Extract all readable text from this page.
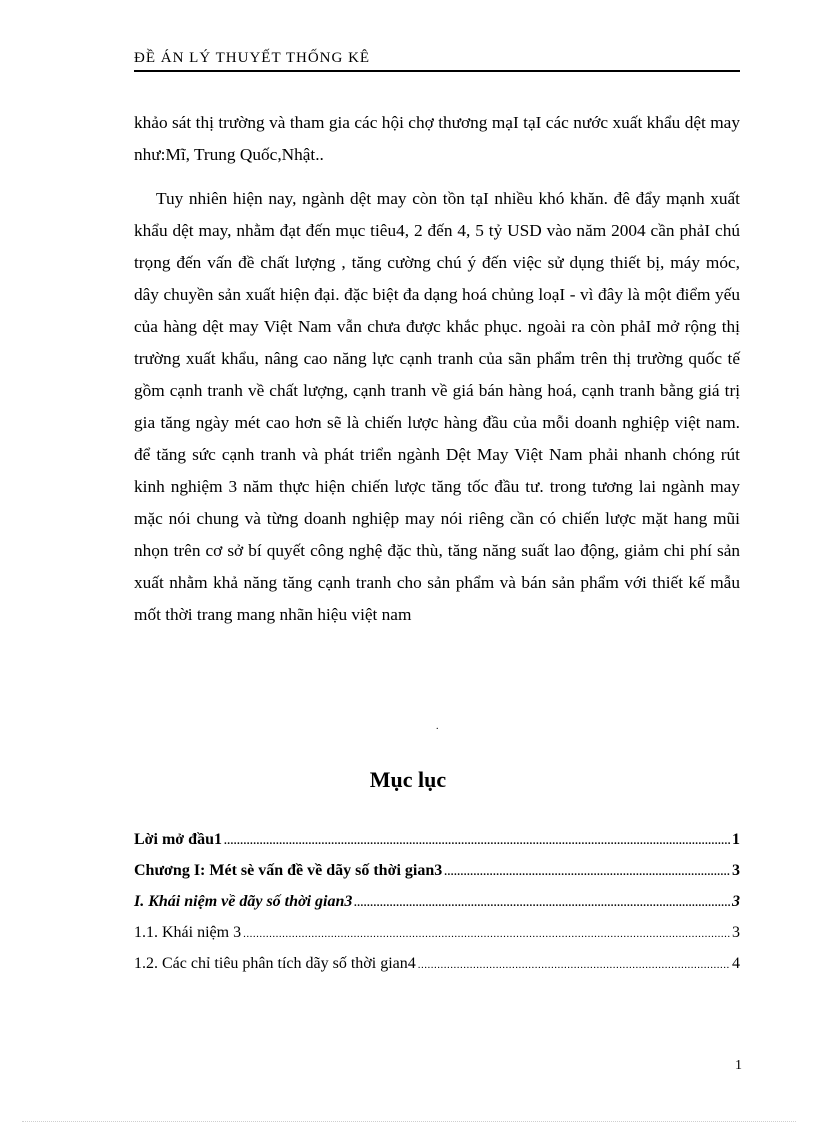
ĐỀ ÁN LÝ THUYẾT THỐNG KÊ

khảo sát thị trường và tham gia các hội chợ thương mạI tạI các nước xuất khẩu dệt may như:Mĩ, Trung Quốc,Nhật..

Tuy nhiên hiện nay, ngành dệt may còn tồn tạI nhiều khó khăn. đê đẩy mạnh xuất khẩu dệt may, nhằm đạt đến mục tiêu4, 2 đến 4, 5 tỷ USD vào năm 2004 cần phảI chú trọng đến vấn đề chất lượng , tăng cường chú ý đến việc sử dụng thiết bị, máy móc, dây chuyền sản xuất hiện đại. đặc biệt đa dạng hoá chủng loạI - vì đây là một điểm yếu của hàng dệt may Việt Nam vẫn chưa được khắc phục. ngoài ra còn phảI mở rộng thị trường xuất khẩu, nâng cao năng lực cạnh tranh của sãn phẩm trên thị trường quốc tế gồm cạnh tranh về chất lượng, cạnh tranh về giá bán hàng hoá, cạnh tranh bằng giá trị gia tăng ngày mét cao hơn sẽ là chiến lược hàng đầu của mỗi doanh nghiệp việt nam. để tăng sức cạnh tranh và phát triển ngành Dệt May Việt Nam phải nhanh chóng rút kinh nghiệm 3 năm thực hiện chiến lược tăng tốc đầu tư. trong tương lai ngành may mặc nói chung và từng doanh nghiệp may nói riêng cần có chiến lược mặt hang mũi nhọn trên cơ sở bí quyết công nghệ đặc thù, tăng năng suất lao động, giảm chi phí sản xuất nhằm khả năng tăng cạnh tranh cho sản phẩm và bán sản phẩm với thiết kế mẫu mốt thời trang mang nhãn hiệu việt nam

.
Mục lục
Lời mở đầu1 .....	1
Chương I: Mét sè vấn đề về dãy số thời gian3 .....	3
I. Khái niệm về dãy số thời gian3 .....	3
1.1. Khái niệm 3 .....	3
1.2. Các chỉ tiêu phân tích dãy số thời gian4 .....	4
1
